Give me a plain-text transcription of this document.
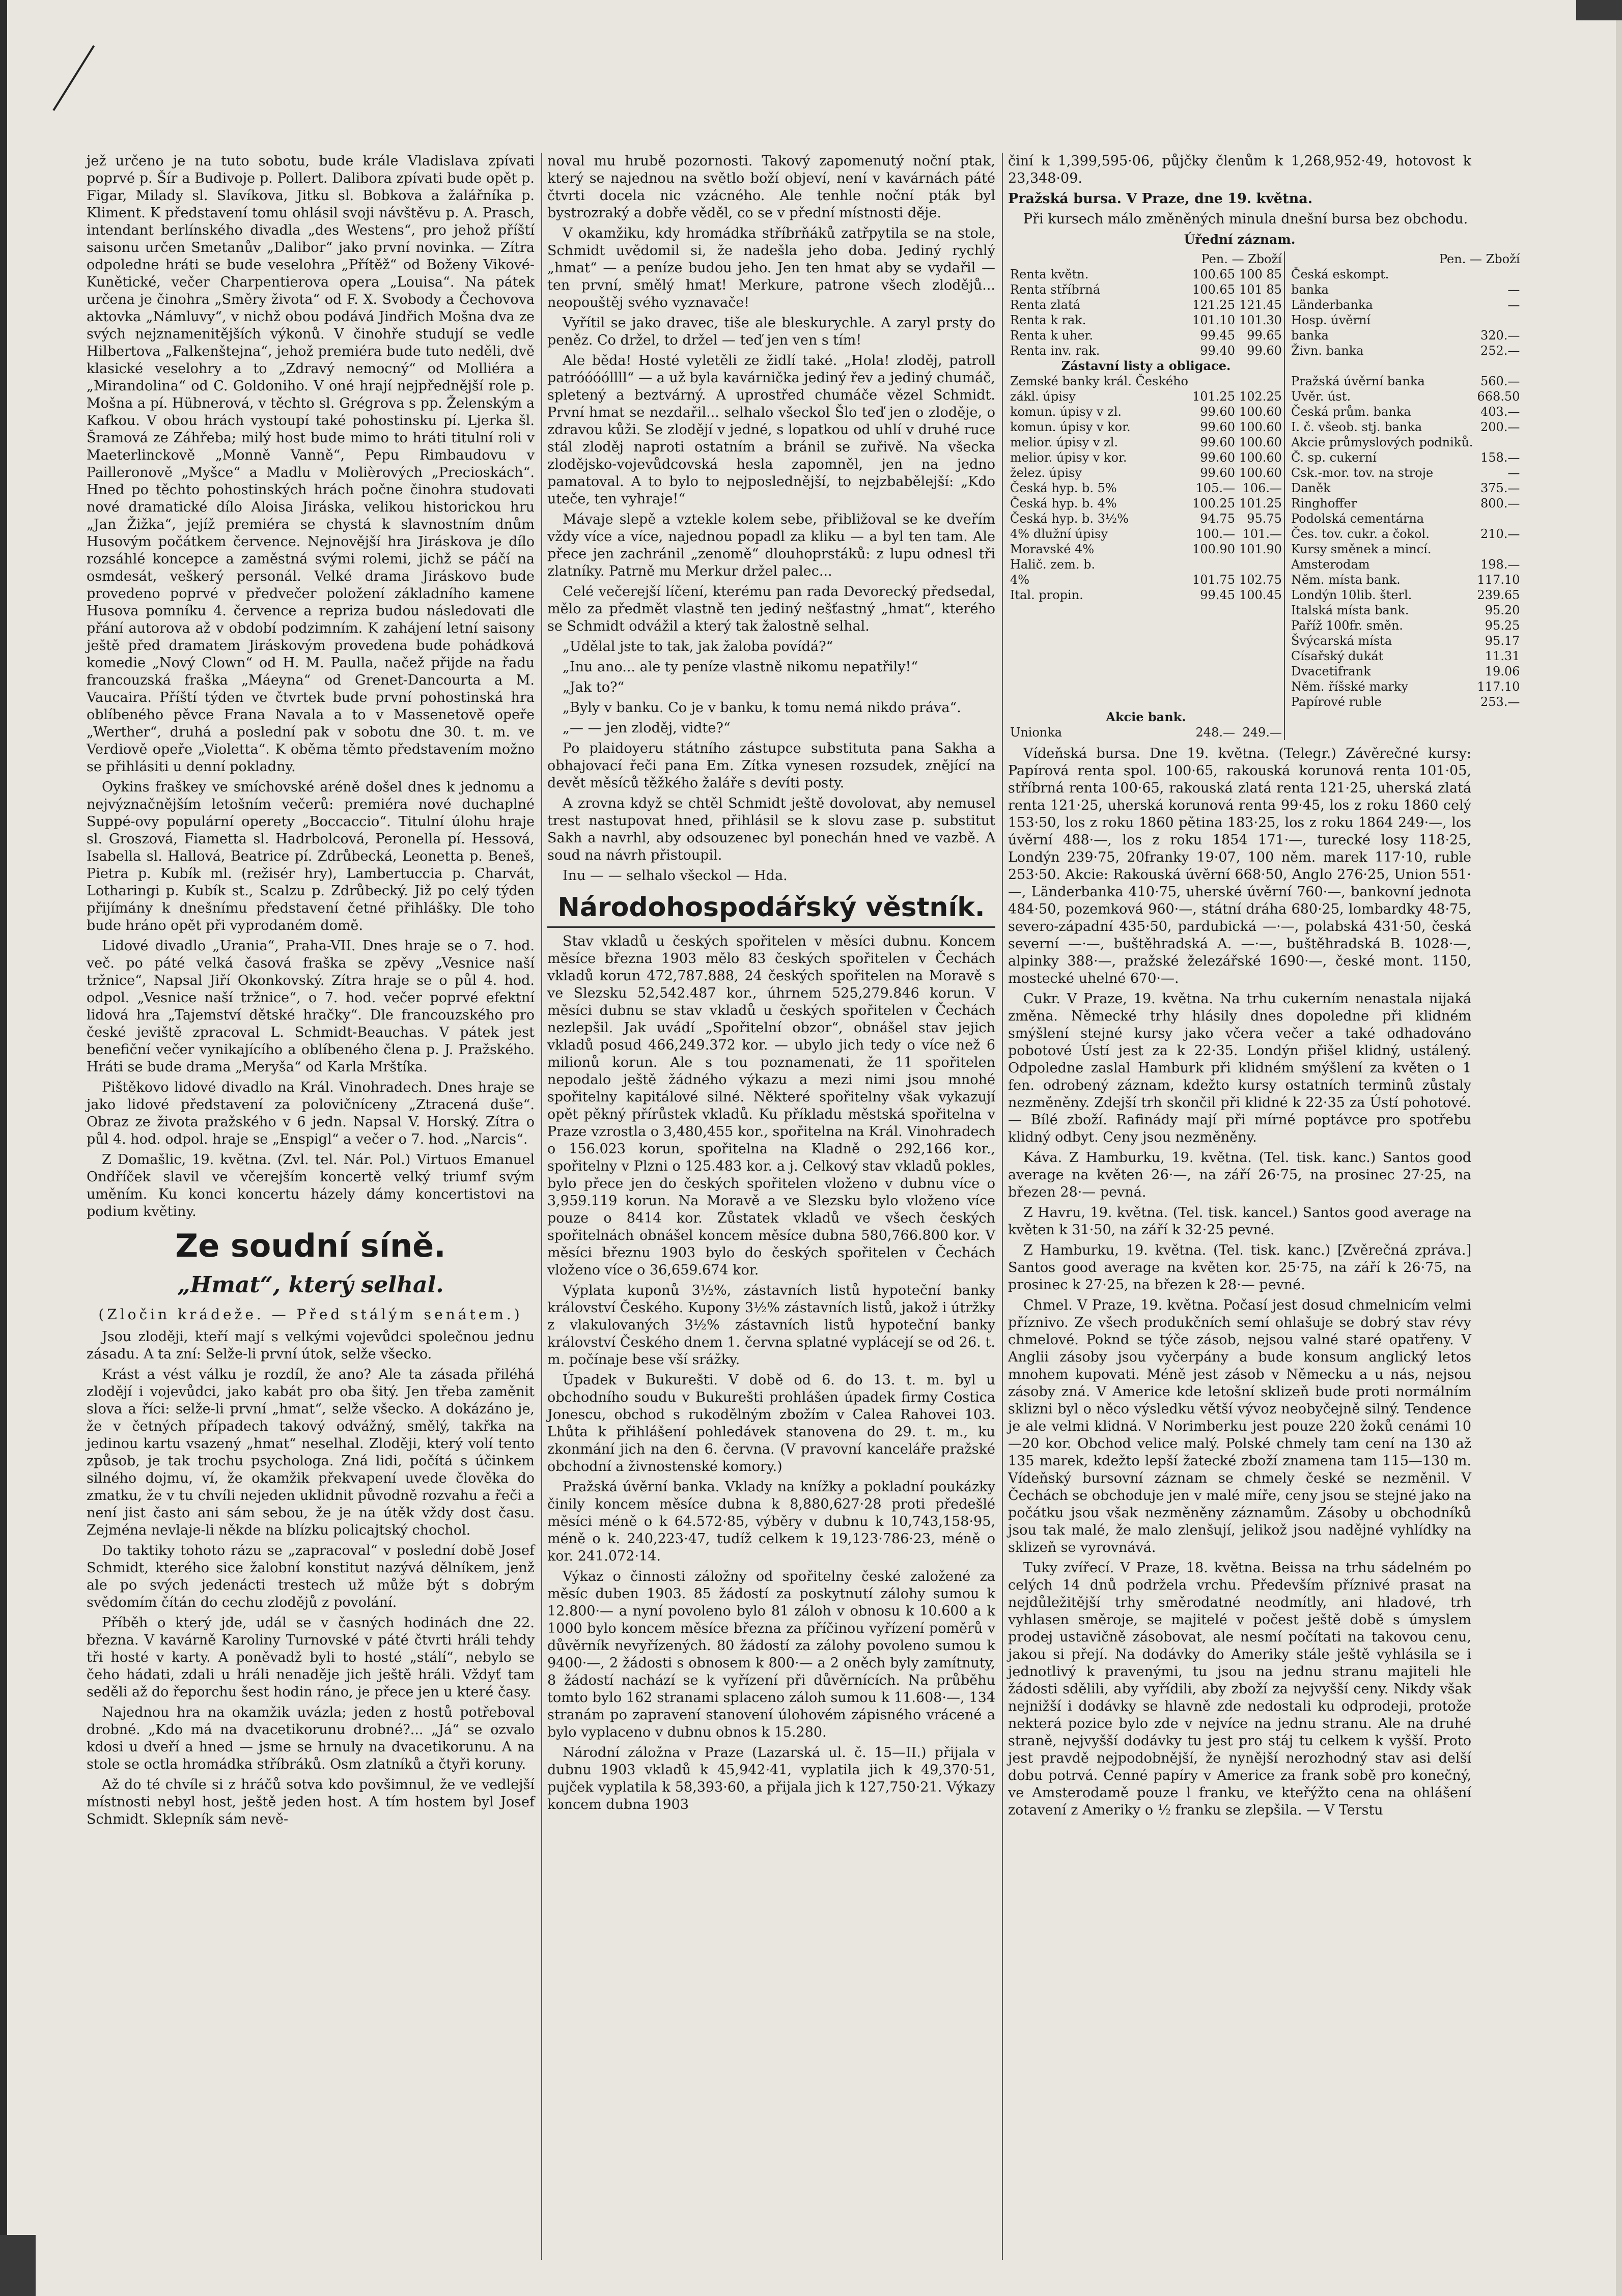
jež určeno je na tuto sobotu, bude krále Vladislava zpívati poprvé p. Šír a Budivoje p. Pollert. Dalibora zpívati bude opět p. Figar, Milady sl. Slavíkova, Jitku sl. Bobkova a žalářníka p. Kliment. K představení tomu ohlásil svoji návštěvu p. A. Prasch, intendant berlínského divadla „des Westens“, pro jehož příští saisonu určen Smetanův „Dalibor“ jako první novinka. — Zítra odpoledne hráti se bude veselohra „Přítěž“ od Boženy Vikové-Kunětické, večer Charpentierova opera „Louisa“. Na pátek určena je činohra „Směry života“ od F. X. Svobody a Čechovova aktovka „Námluvy“, v nichž obou podává Jindřich Mošna dva ze svých nejznamenitějších výkonů. V činohře studují se vedle Hilbertova „Falkenštejna“, jehož premiéra bude tuto neděli, dvě klasické veselohry a to „Zdravý nemocný“ od Molliéra a „Mirandolina“ od C. Goldoniho. V oné hrají nejpřednější role p. Mošna a pí. Hübnerová, v těchto sl. Grégrova s pp. Želenským a Kafkou. V obou hrách vystoupí také pohostinsku pí. Ljerka šl. Šramová ze Záhřeba; milý host bude mimo to hráti titulní roli v Maeterlinckově „Monně Vanně“, Pepu Rimbaudovu v Pailleronově „Myšce“ a Madlu v Molièrových „Precioskách“. Hned po těchto pohostinských hrách počne činohra studovati nové dramatické dílo Aloisa Jiráska, velikou historickou hru „Jan Žižka“, jejíž premiéra se chystá k slavnostním dnům Husovým počátkem července. Nejnovější hra Jiráskova je dílo rozsáhlé koncepce a zaměstná svými rolemi, jichž se páčí na osmdesát, veškerý personál. Velké drama Jiráskovo bude provedeno poprvé v předvečer položení základního kamene Husova pomníku 4. července a repriza budou následovati dle přání autorova až v období podzimním. K zahájení letní saisony ještě před dramatem Jiráskovým provedena bude pohádková komedie „Nový Clown“ od H. M. Paulla, načež přijde na řadu francouzská fraška „Máeyna“ od Grenet-Dancourta a M. Vaucaira. Příští týden ve čtvrtek bude první pohostinská hra oblíbeného pěvce Frana Navala a to v Massenetově opeře „Werther“, druhá a poslední pak v sobotu dne 30. t. m. ve Verdiově opeře „Violetta“. K oběma těmto představením možno se přihlásiti u denní pokladny.

Oykins fraškey ve smíchovské aréně došel dnes k jednomu a nejvýznačnějším letošním večerů: premiéra nové duchaplné Suppé-ovy populární operety „Boccaccio“. Titulní úlohu hraje sl. Groszová, Fiametta sl. Hadrbolcová, Peronella pí. Hessová, Isabella sl. Hallová, Beatrice pí. Zdrůbecká, Leonetta p. Beneš, Pietra p. Kubík ml. (režisér hry), Lambertuccia p. Charvát, Lotharingi p. Kubík st., Scalzu p. Zdrůbecký. Již po celý týden přijímány k dnešnímu představení četné přihlášky. Dle toho bude hráno opět při vyprodaném domě.

Lidové divadlo „Urania“, Praha-VII. Dnes hraje se o 7. hod. več. po páté velká časová fraška se zpěvy „Vesnice naší tržnice“, Napsal Jiří Okonkovský. Zítra hraje se o půl 4. hod. odpol. „Vesnice naší tržnice“, o 7. hod. večer poprvé efektní lidová hra „Tajemství dětské hračky“. Dle francouzského pro české jeviště zpracoval L. Schmidt-Beauchas. V pátek jest benefiční večer vynikajícího a oblíbeného člena p. J. Pražského. Hráti se bude drama „Meryša“ od Karla Mrštíka.

Pištěkovo lidové divadlo na Král. Vinohradech. Dnes hraje se jako lidové představení za polovičníceny „Ztracená duše“. Obraz ze života pražského v 6 jedn. Napsal V. Horský. Zítra o půl 4. hod. odpol. hraje se „Enspigl“ a večer o 7. hod. „Narcis“.

Z Domašlic, 19. května. (Zvl. tel. Nár. Pol.) Virtuos Emanuel Ondříček slavil ve včerejším koncertě velký triumf svým uměním. Ku konci koncertu házely dámy koncertistovi na podium květiny.

Ze soudní síně.
„Hmat“, který selhal.
(Zločin krádeže. — Před stálým senátem.)

Jsou zloději, kteří mají s velkými vojevůdci společnou jednu zásadu. A ta zní: Selže-li první útok, selže všecko.

Krást a vést válku je rozdíl, že ano? Ale ta zásada přiléhá zlodějí i vojevůdci, jako kabát pro oba šitý. Jen třeba zaměnit slova a říci: selže-li první „hmat“, selže všecko. A dokázáno je, že v četných případech takový odvážný, smělý, takřka na jedinou kartu vsazený „hmat“ neselhal. Zloději, který volí tento způsob, je tak trochu psychologa. Zná lidi, počítá s účinkem silného dojmu, ví, že okamžik překvapení uvede člověka do zmatku, že v tu chvíli nejeden uklidnit původně rozvahu a řeči a není jist často ani sám sebou, že je na útěk vždy dost času. Zejména nevlaje-li někde na blízku policajtský chochol.

Do taktiky tohoto rázu se „zapracoval“ v poslední době Josef Schmidt, kterého sice žalobní konstitut nazývá dělníkem, jenž ale po svých jedenácti trestech už může být s dobrým svědomím čítán do cechu zlodějů z povolání.

Příběh o který jde, udál se v časných hodinách dne 22. března. V kavárně Karoliny Turnovské v páté čtvrti hráli tehdy tři hosté v karty. A poněvadž byli to hosté „stálí“, nebylo se čeho hádati, zdali u hráli nenaděje jich ještě hráli. Vždyť tam seděli až do řeporchu šest hodin ráno, je přece jen u které časy.

Najednou hra na okamžik uvázla; jeden z hostů potřeboval drobné. „Kdo má na dvacetikorunu drobné?... „Já“ se ozvalo kdosi u dveří a hned — jsme se hrnuly na dvacetikorunu. A na stole se octla hromádka stříbráků. Osm zlatníků a čtyři koruny.

Až do té chvíle si z hráčů sotva kdo povšimnul, že ve vedlejší místnosti nebyl host, ještě jeden host. A tím hostem byl Josef Schmidt. Sklepník sám nevě-

noval mu hrubě pozornosti. Takový zapomenutý noční ptak, který se najednou na světlo boží objeví, není v kavárnách páté čtvrti docela nic vzácného. Ale tenhle noční pták byl bystrozraký a dobře věděl, co se v přední místnosti děje.

V okamžiku, kdy hromádka stříbrňáků zatřpytila se na stole, Schmidt uvědomil si, že nadešla jeho doba. Jediný rychlý „hmat“ — a peníze budou jeho. Jen ten hmat aby se vydařil — ten první, smělý hmat! Merkure, patrone všech zlodějů... neopouštěj svého vyznavače!

Vyřítil se jako dravec, tiše ale bleskurychle. A zaryl prsty do peněz. Co držel, to držel — teď jen ven s tím!

Ale běda! Hosté vyletěli ze židlí také. „Hola! zloděj, patroll patróóóóllll“ — a už byla kavárnička jediný řev a jediný chumáč, spletený a beztvárný. A uprostřed chumáče vězel Schmidt. První hmat se nezdařil... selhalo všeckol Šlo teď jen o zloděje, o zdravou kůži. Se zlodějí v jedné, s lopatkou od uhlí v druhé ruce stál zloděj naproti ostatním a bránil se zuřivě. Na všecka zlodějsko-vojevůdcovská hesla zapomněl, jen na jedno pamatoval. A to bylo to nejposlednější, to nejzbabělejší: „Kdo uteče, ten vyhraje!“

Mávaje slepě a vztekle kolem sebe, přibližoval se ke dveřím vždy více a více, najednou popadl za kliku — a byl ten tam. Ale přece jen zachránil „zenomě“ dlouhoprstáků: z lupu odnesl tři zlatníky. Patrně mu Merkur držel palec...

Celé večerejší líčení, kterému pan rada Devorecký předsedal, mělo za předmět vlastně ten jediný nešťastný „hmat“, kterého se Schmidt odvážil a který tak žalostně selhal.

„Udělal jste to tak, jak žaloba povídá?“

„Inu ano... ale ty peníze vlastně nikomu nepatřily!“

„Jak to?“

„Byly v banku. Co je v banku, k tomu nemá nikdo práva“.

„— — jen zloděj, vidte?“

Po plaidoyeru státního zástupce substituta pana Sakha a obhajovací řeči pana Em. Zítka vynesen rozsudek, znějící na devět měsíců těžkého žaláře s devíti posty.

A zrovna když se chtěl Schmidt ještě dovolovat, aby nemusel trest nastupovat hned, přihlásil se k slovu zase p. substitut Sakh a navrhl, aby odsouzenec byl ponechán hned ve vazbě. A soud na návrh přistoupil.

Inu — — selhalo všeckol — Hda.

Národohospodářský věstník.

Stav vkladů u českých spořitelen v měsíci dubnu. Koncem měsíce března 1903 mělo 83 českých spořitelen v Čechách vkladů korun 472,787.888, 24 českých spořitelen na Moravě s ve Slezsku 52,542.487 kor., úhrnem 525,279.846 korun. V měsíci dubnu se stav vkladů u českých spořitelen v Čechách nezlepšil. Jak uvádí „Spořitelní obzor“, obnášel stav jejich vkladů posud 466,249.372 kor. — ubylo jich tedy o více než 6 milionů korun. Ale s tou poznamenati, že 11 spořitelen nepodalo ještě žádného výkazu a mezi nimi jsou mnohé spořitelny kapitálové silné. Některé spořitelny však vykazují opět pěkný přírůstek vkladů. Ku příkladu městská spořitelna v Praze vzrostla o 3,480,455 kor., spořitelna na Král. Vinohradech o 156.023 korun, spořitelna na Kladně o 292,166 kor., spořitelny v Plzni o 125.483 kor. a j. Celkový stav vkladů pokles, bylo přece jen do českých spořitelen vloženo v dubnu více o 3,959.119 korun. Na Moravě a ve Slezsku bylo vloženo více pouze o 8414 kor. Zůstatek vkladů ve všech českých spořitelnách obnášel koncem měsíce dubna 580,766.800 kor. V měsíci březnu 1903 bylo do českých spořitelen v Čechách vloženo více o 36,659.674 kor.

Výplata kuponů 3½%, zástavních listů hypoteční banky království Českého. Kupony 3½% zástavních listů, jakož i útržky z vlakulovaných 3½% zástavních listů hypoteční banky království Českého dnem 1. června splatné vyplácejí se od 26. t. m. počínaje bese vší srážky.

Úpadek v Bukurešti. V době od 6. do 13. t. m. byl u obchodního soudu v Bukurešti prohlášen úpadek firmy Costica Jonescu, obchod s rukodělným zbožím v Calea Rahovei 103. Lhůta k přihlášení pohledávek stanovena do 29. t. m., ku zkonmání jich na den 6. června. (V pravovní kanceláře pražské obchodní a živnostenské komory.)

Pražská úvěrní banka. Vklady na knížky a pokladní poukázky činily koncem měsíce dubna k 8,880,627·28 proti předešlé měsíci méně o k 64.572·85, výběry v dubnu k 10,743,158·95, méně o k. 240,223·47, tudíž celkem k 19,123·786·23, méně o kor. 241.072·14.

Výkaz o činnosti záložny od spořitelny české založené za měsíc duben 1903. 85 žádostí za poskytnutí zálohy sumou k 12.800·— a nyní povoleno bylo 81 záloh v obnosu k 10.600 a k 1000 bylo koncem měsíce března za příčinou vyřízení poměrů v důvěrník nevyřízených. 80 žádostí za zálohy povoleno sumou k 9400·—, 2 žádosti s obnosem k 800·— a 2 oněch byly zamítnuty, 8 žádostí nachází se k vyřízení při důvěrnících. Na průběhu tomto bylo 162 stranami splaceno záloh sumou k 11.608·—, 134 stranám po zapravení stanovení úlohovém zápisného vrácené a bylo vyplaceno v dubnu obnos k 15.280.

Národní záložna v Praze (Lazarská ul. č. 15—II.) přijala v dubnu 1903 vkladů k 45,942·41, vyplatila jich k 49,370·51, pujček vyplatila k 58,393·60, a přijala jich k 127,750·21. Výkazy koncem dubna 1903

činí k 1,399,595·06, půjčky členům k 1,268,952·49, hotovost k 23,348·09.

Pražská bursa. V Praze, dne 19. května.

Při kursech málo změněných minula dnešní bursa bez obchodu.

Úřední záznam.
	Pen. — Zboží			Pen. — Zboží	
Renta květn.	100.65	100 85		Česká eskompt.	
Renta stříbrná	100.65	101 85		banka	—
Renta zlatá	121.25	121.45		Länderbanka	—
Renta k rak.	101.10	101.30		Hosp. úvěrní	
Renta k uher.	99.45	99.65		banka	320.—
Renta inv. rak.	99.40	99.60		Živn. banka	252.—
Zástavní listy a obligace.					
Zemské banky král. Českého				Pražská úvěrní banka	560.—
zákl. úpisy	101.25	102.25		Uvěr. úst.	668.50
komun. úpisy v zl.	99.60	100.60		Česká prům. banka	403.—
komun. úpisy v kor.	99.60	100.60		I. č. všeob. stj. banka	200.—
melior. úpisy v zl.	99.60	100.60		Akcie průmyslových podniků.	
melior. úpisy v kor.	99.60	100.60		Č. sp. cukerní	158.—
želez. úpisy	99.60	100.60		Csk.-mor. tov. na stroje	—
Česká hyp. b. 5%	105.—	106.—		Daněk	375.—
Česká hyp. b. 4%	100.25	101.25		Ringhoffer	800.—
Česká hyp. b. 3½%	94.75	95.75		Podolská cementárna	
4% dlužní úpisy	100.—	101.—		Čes. tov. cukr. a čokol.	210.—
Moravské 4%	100.90	101.90		Kursy směnek a mincí.	
Halič. zem. b.				Amsterodam	198.—
4%	101.75	102.75		Něm. místa bank.	117.10
Ital. propin.	99.45	100.45		Londýn 10lib. šterl.	239.65
				Italská místa bank.	95.20
				Paříž 100fr. směn.	95.25
				Švýcarská místa	95.17
				Císařský dukát	11.31
				Dvacetifrank	19.06
				Něm. říšské marky	117.10
				Papírové ruble	253.—
Akcie bank.					
Unionka	248.—	249.—			

Vídeňská bursa. Dne 19. května. (Telegr.) Závěrečné kursy: Papírová renta spol. 100·65, rakouská korunová renta 101·05, stříbrná renta 100·65, rakouská zlatá renta 121·25, uherská zlatá renta 121·25, uherská korunová renta 99·45, los z roku 1860 celý 153·50, los z roku 1860 pětina 183·25, los z roku 1864 249·—, los úvěrní 488·—, los z roku 1854 171·—, turecké losy 118·25, Londýn 239·75, 20franky 19·07, 100 něm. marek 117·10, ruble 253·50. Akcie: Rakouská úvěrní 668·50, Anglo 276·25, Union 551·—, Länderbanka 410·75, uherské úvěrní 760·—, bankovní jednota 484·50, pozemková 960·—, státní dráha 680·25, lombardky 48·75, severo-západní 435·50, pardubická —·—, polabská 431·50, česká severní —·—, buštěhradská A. —·—, buštěhradská B. 1028·—, alpinky 388·—, pražské železářské 1690·—, české mont. 1150, mostecké uhelné 670·—.

Cukr. V Praze, 19. května. Na trhu cukerním nenastala nijaká změna. Německé trhy hlásily dnes dopoledne při klidném smýšlení stejné kursy jako včera večer a také odhadováno pobotové Ústí jest za k 22·35. Londýn přišel klidný, ustálený. Odpoledne zaslal Hamburk při klidném smýšlení za květen o 1 fen. odrobený záznam, kdežto kursy ostatních terminů zůstaly nezměněny. Zdejší trh skončil při klidné k 22·35 za Ústí pohotové. — Bílé zboží. Rafinády mají při mírné poptávce pro spotřebu klidný odbyt. Ceny jsou nezměněny.

Káva. Z Hamburku, 19. května. (Tel. tisk. kanc.) Santos good average na květen 26·—, na září 26·75, na prosinec 27·25, na březen 28·— pevná.

Z Havru, 19. května. (Tel. tisk. kancel.) Santos good average na květen k 31·50, na září k 32·25 pevné.

Z Hamburku, 19. května. (Tel. tisk. kanc.) [Zvěrečná zpráva.] Santos good average na květen kor. 25·75, na září k 26·75, na prosinec k 27·25, na březen k 28·— pevné.

Chmel. V Praze, 19. května. Počasí jest dosud chmelnicím velmi příznivo. Ze všech produkčních semí ohlašuje se dobrý stav révy chmelové. Poknd se týče zásob, nejsou valné staré opatřeny. V Anglii zásoby jsou vyčerpány a bude konsum anglický letos mnohem kupovati. Méně jest zásob v Německu a u nás, nejsou zásoby zná. V Americe kde letošní sklizeň bude proti normálním sklizni byl o něco výsledku větší vývoz neobyčejně silný. Tendence je ale velmi klidná. V Norimberku jest pouze 220 žoků cenámi 10—20 kor. Obchod velice malý. Polské chmely tam cení na 130 až 135 marek, kdežto lepší žatecké zboží znamena tam 115—130 m. Vídeňský bursovní záznam se chmely české se nezměnil. V Čechách se obchoduje jen v malé míře, ceny jsou se stejné jako na počátku jsou však nezměněny záznamům. Zásoby u obchodníků jsou tak malé, že malo zlenšují, jelikož jsou nadějné vyhlídky na sklizeň se vyrovnává.

Tuky zvířecí. V Praze, 18. května. Beissa na trhu sádelném po celých 14 dnů podržela vrchu. Především příznivé prasat na nejdůležitější trhy směrodatné neodmítly, ani hladové, trh vyhlasen směroje, se majitelé v počest ještě době s úmyslem prodej ustavičně zásobovat, ale nesmí počítati na takovou cenu, jakou si přejí. Na dodávky do Ameriky stále ještě vyhlásila se i jednotlivý k pravenými, tu jsou na jednu stranu majiteli hle žádosti sdělili, aby vyřídili, aby zboží za nejvyšší ceny. Nikdy však nejnižší i dodávky se hlavně zde nedostali ku odprodeji, protože nekterá pozice bylo zde v nejvíce na jednu stranu. Ale na druhé straně, nejvyšší dodávky tu jest pro stáj tu celkem k vyšší. Proto jest pravdě nejpodobnější, že nynější nerozhodný stav asi delší dobu potrvá. Cenné papíry v Americe za frank sobě pro konečný, ve Amsterodamě pouze l franku, ve kteřýžto cena na ohlášení zotavení z Ameriky o ½ franku se zlepšila. — V Terstu
